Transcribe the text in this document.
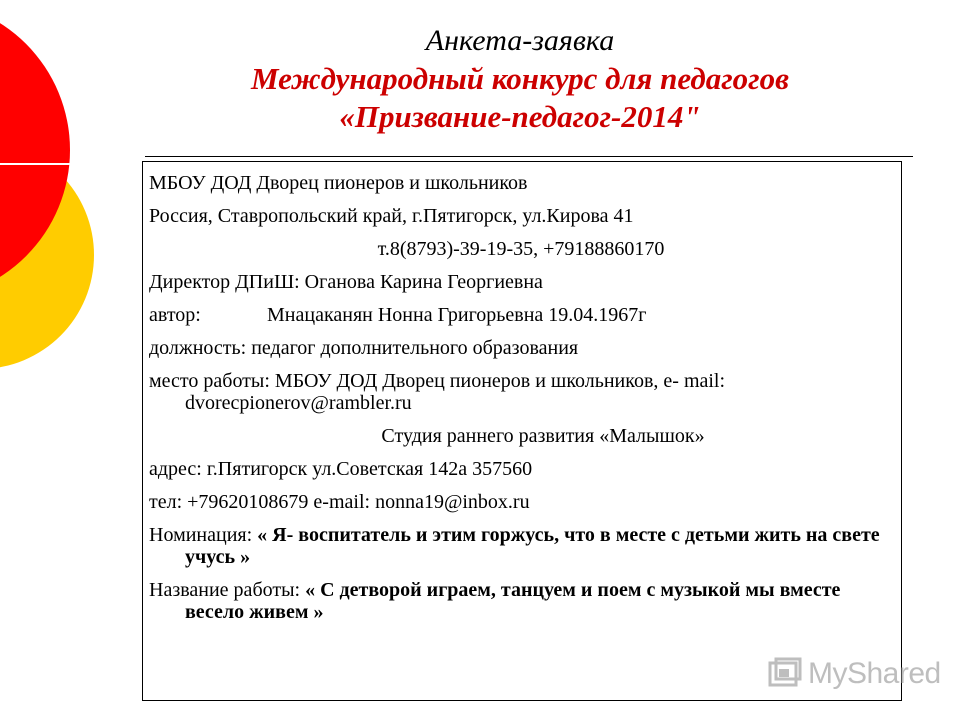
Анкета-заявка
Международный конкурс для педагогов
«Призвание-педагог-2014"
МБОУ ДОД Дворец пионеров и школьников
Россия, Ставропольский край, г.Пятигорск, ул.Кирова 41
т.8(8793)-39-19-35, +79188860170
Директор ДПиШ: Оганова Карина Георгиевна
автор:	Мнацаканян Нонна Григорьевна 19.04.1967г
должность: педагог дополнительного образования
место работы: МБОУ ДОД Дворец пионеров и школьников, е- mail: dvorecpionerov@rambler.ru
Студия раннего развития «Малышок»
адрес: г.Пятигорск ул.Советская 142а 357560
тел: +79620108679 e-mail: nonna19@inbox.ru
Номинация: « Я- воспитатель и этим горжусь, что в месте с детьми жить на свете учусь »
Название работы: « С детворой играем, танцуем и поем с музыкой мы вместе весело живем »
MyShared
